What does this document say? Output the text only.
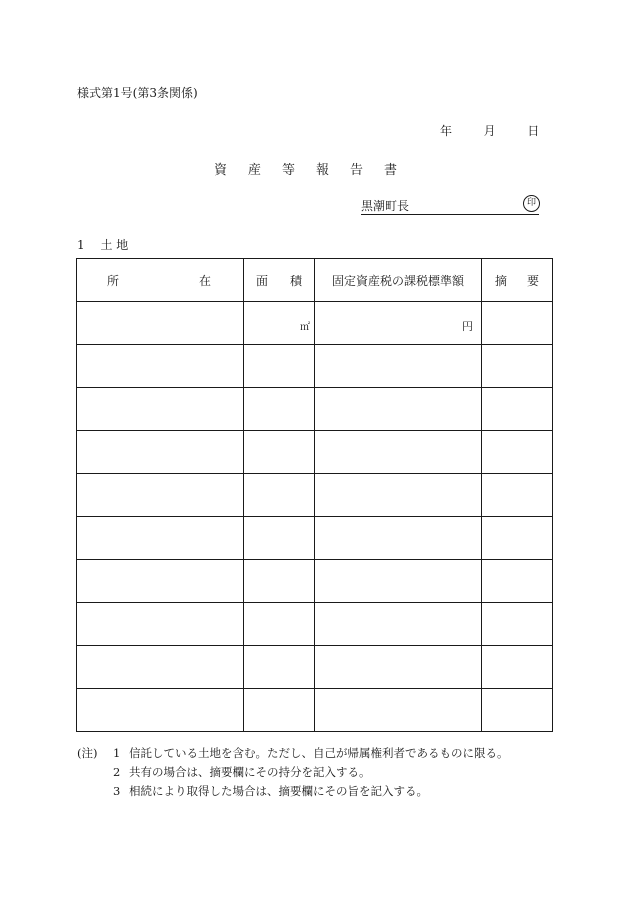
様式第1号(第3条関係)
年	月	日
資産等報告書
黒潮町長	印
1 土 地
所 在	面 積	固定資産税の課税標準額	摘 要

	㎡	円	

(注)	1 信託している土地を含む。ただし、自己が帰属権利者であるものに限る。
2 共有の場合は、摘要欄にその持分を記入する。
3 相続により取得した場合は、摘要欄にその旨を記入する。
